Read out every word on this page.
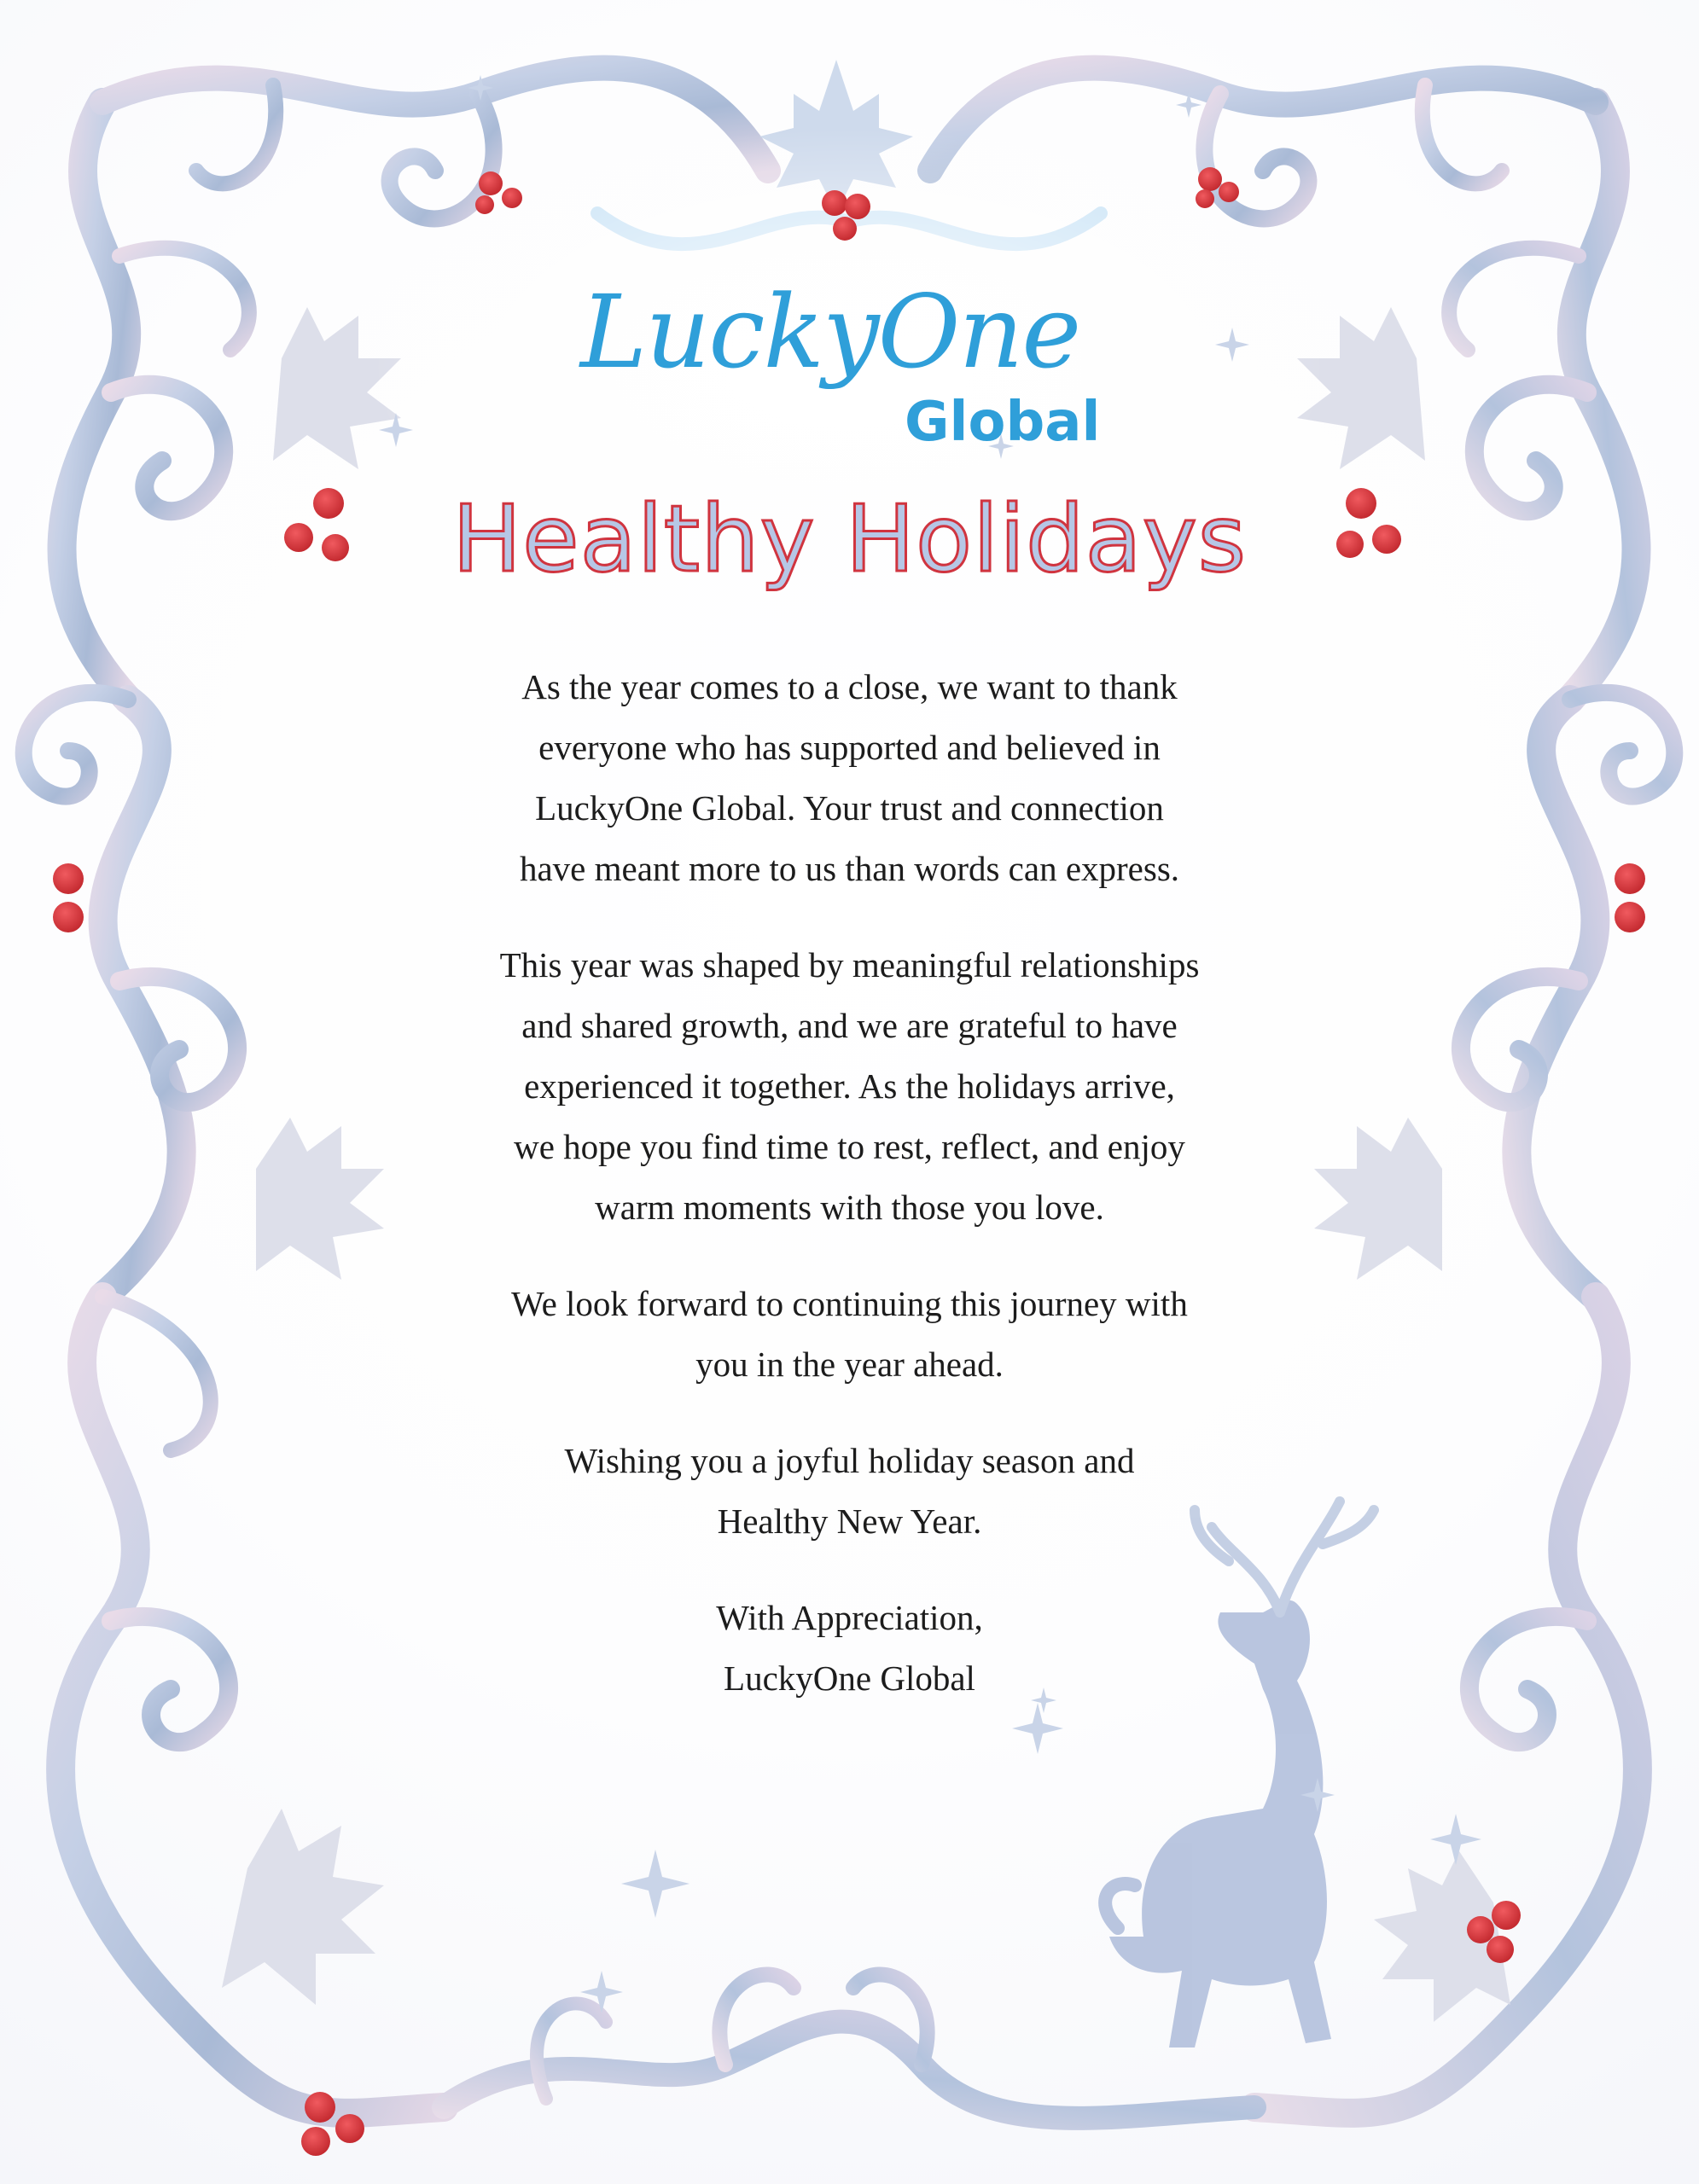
LuckyOne
Global
Healthy Holidays

As the year comes to a close, we want to thank
everyone who has supported and believed in
LuckyOne Global. Your trust and connection
have meant more to us than words can express.

This year was shaped by meaningful relationships
and shared growth, and we are grateful to have
experienced it together. As the holidays arrive,
we hope you find time to rest, reflect, and enjoy
warm moments with those you love.

We look forward to continuing this journey with
you in the year ahead.

Wishing you a joyful holiday season and
Healthy New Year.

With Appreciation,
LuckyOne Global
